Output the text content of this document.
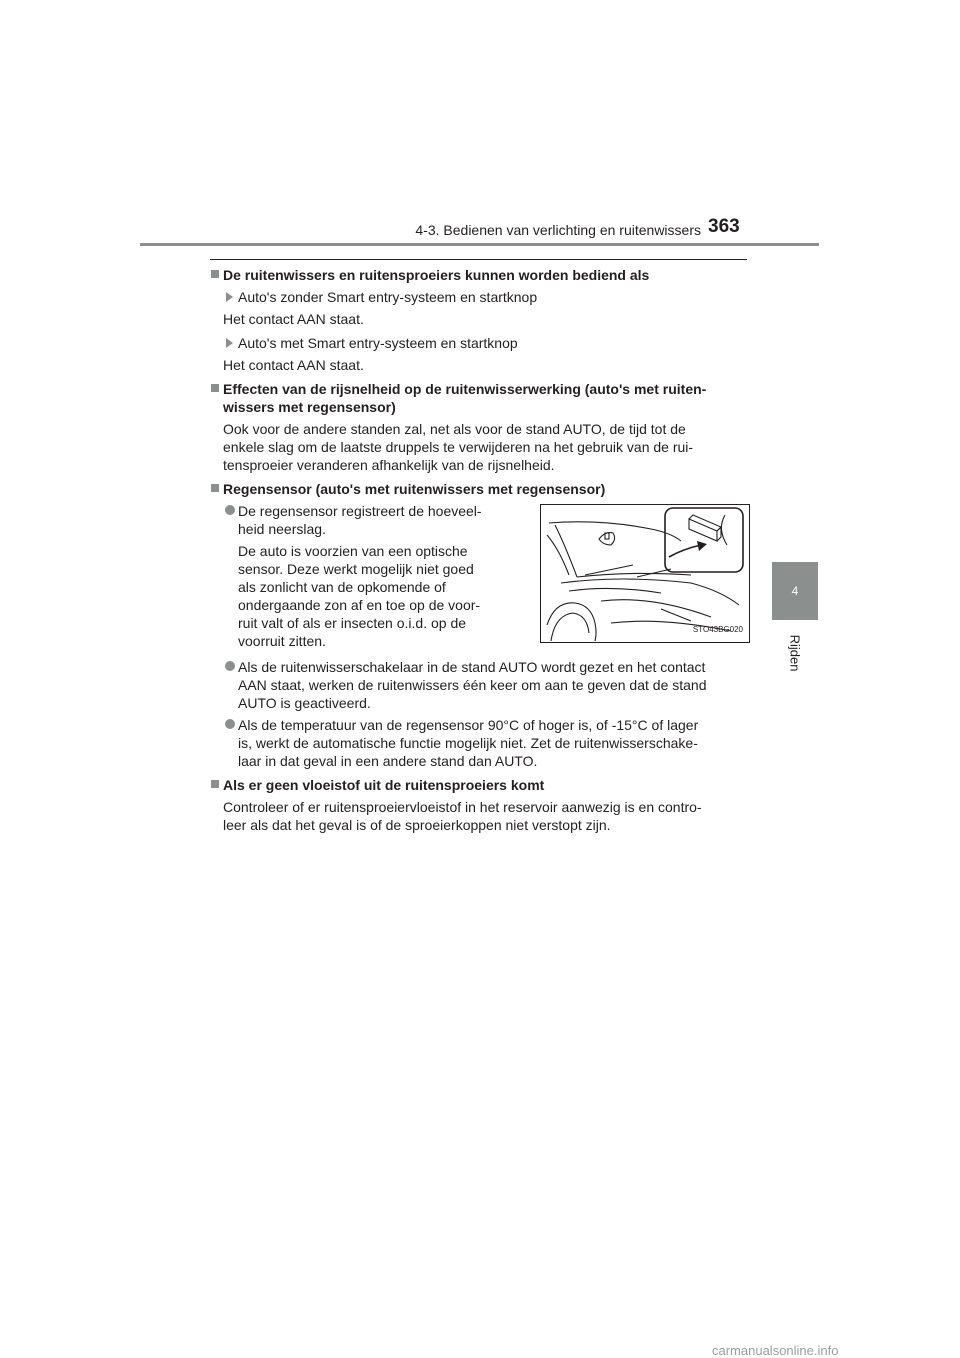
4-3. Bedienen van verlichting en ruitenwissers 363
4
Rijden
De ruitenwissers en ruitensproeiers kunnen worden bediend als
Auto's zonder Smart entry-systeem en startknop
Het contact AAN staat.
Auto's met Smart entry-systeem en startknop
Het contact AAN staat.
Effecten van de rijsnelheid op de ruitenwisserwerking (auto's met ruiten-
wissers met regensensor)
Ook voor de andere standen zal, net als voor de stand AUTO, de tijd tot de
enkele slag om de laatste druppels te verwijderen na het gebruik van de rui-
tensproeier veranderen afhankelijk van de rijsnelheid.
Regensensor (auto's met ruitenwissers met regensensor)
De regensensor registreert de hoeveel-
heid neerslag.
De auto is voorzien van een optische
sensor. Deze werkt mogelijk niet goed
als zonlicht van de opkomende of
ondergaande zon af en toe op de voor-
ruit valt of als er insecten o.i.d. op de
voorruit zitten.
STO43BG020
Als de ruitenwisserschakelaar in de stand AUTO wordt gezet en het contact
AAN staat, werken de ruitenwissers één keer om aan te geven dat de stand
AUTO is geactiveerd.
Als de temperatuur van de regensensor 90°C of hoger is, of -15°C of lager
is, werkt de automatische functie mogelijk niet. Zet de ruitenwisserschake-
laar in dat geval in een andere stand dan AUTO.
Als er geen vloeistof uit de ruitensproeiers komt
Controleer of er ruitensproeiervloeistof in het reservoir aanwezig is en contro-
leer als dat het geval is of de sproeierkoppen niet verstopt zijn.
carmanualsonline.info
